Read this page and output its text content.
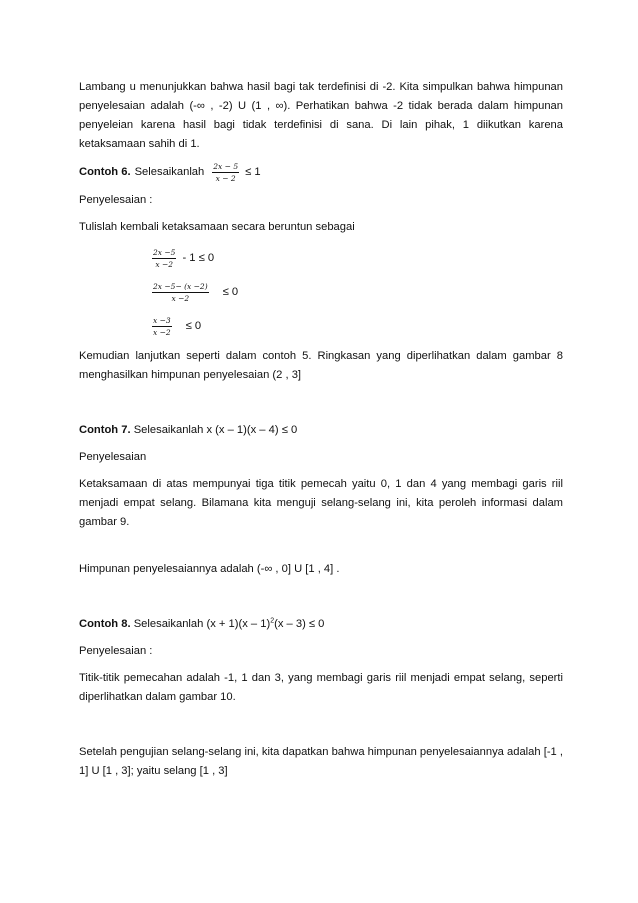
Lambang u menunjukkan bahwa hasil bagi tak terdefinisi di -2. Kita simpulkan bahwa himpunan penyelesaian adalah (-∞ , -2) U (1 , ∞). Perhatikan bahwa -2 tidak berada dalam himpunan penyeleian karena hasil bagi tidak terdefinisi di sana. Di lain pihak, 1 diikutkan karena ketaksamaan sahih di 1.

Contoh 6. Selesaikanlah $\frac{2x - 5}{x - 2} \le 1$

Penyelesaian :

Tulislah kembali ketaksamaan secara beruntun sebagai

$\frac{2x -5}{x -2} - 1 \le 0$
$\frac{2x -5- (x -2)}{x -2} \le 0$
$\frac{x -3}{x -2} \le 0$

Kemudian lanjutkan seperti dalam contoh 5. Ringkasan yang diperlihatkan dalam gambar 8 menghasilkan himpunan penyelesaian (2 , 3]

Contoh 7. Selesaikanlah x (x – 1)(x – 4) ≤ 0

Penyelesaian

Ketaksamaan di atas mempunyai tiga titik pemecah yaitu 0, 1 dan 4 yang membagi garis riil menjadi empat selang. Bilamana kita menguji selang-selang ini, kita peroleh informasi dalam gambar 9.

Himpunan penyelesaiannya adalah (-∞ , 0] U [1 , 4] .

Contoh 8. Selesaikanlah (x + 1)(x – 1)$^2$(x – 3) ≤ 0

Penyelesaian :

Titik-titik pemecahan adalah -1, 1 dan 3, yang membagi garis riil menjadi empat selang, seperti diperlihatkan dalam gambar 10.

Setelah pengujian selang-selang ini, kita dapatkan bahwa himpunan penyelesaiannya adalah [-1 , 1] U [1 , 3]; yaitu selang [1 , 3]
